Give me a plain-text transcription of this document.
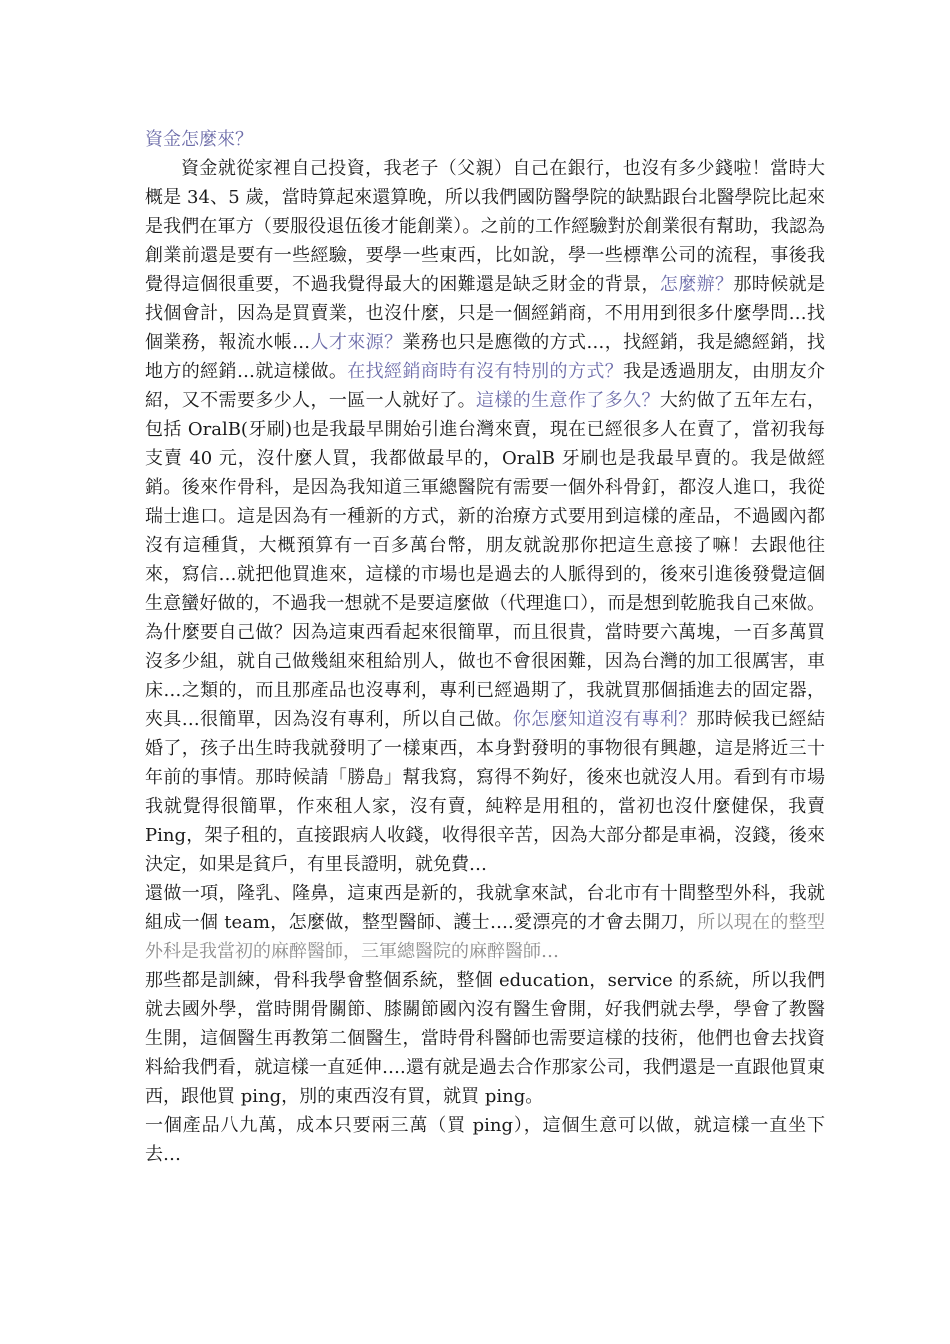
資金怎麼來？

資金就從家裡自己投資，我老子（父親）自己在銀行，也沒有多少錢啦！當時大概是 34、5 歲，當時算起來還算晚，所以我們國防醫學院的缺點跟台北醫學院比起來是我們在軍方（要服役退伍後才能創業）。之前的工作經驗對於創業很有幫助，我認為創業前還是要有一些經驗，要學一些東西，比如說，學一些標準公司的流程，事後我覺得這個很重要，不過我覺得最大的困難還是缺乏財金的背景，怎麼辦？那時候就是找個會計，因為是買賣業，也沒什麼，只是一個經銷商，不用用到很多什麼學問…找個業務，報流水帳…人才來源？業務也只是應徵的方式…，找經銷，我是總經銷，找地方的經銷…就這樣做。在找經銷商時有沒有特別的方式？我是透過朋友，由朋友介紹，又不需要多少人，一區一人就好了。這樣的生意作了多久？大約做了五年左右，包括 OralB(牙刷)也是我最早開始引進台灣來賣，現在已經很多人在賣了，當初我每支賣 40 元，沒什麼人買，我都做最早的，OralB 牙刷也是我最早賣的。我是做經銷。後來作骨科，是因為我知道三軍總醫院有需要一個外科骨釘，都沒人進口，我從瑞士進口。這是因為有一種新的方式，新的治療方式要用到這樣的產品，不過國內都沒有這種貨，大概預算有一百多萬台幣，朋友就說那你把這生意接了嘛！去跟他往來，寫信…就把他買進來，這樣的市場也是過去的人脈得到的，後來引進後發覺這個生意蠻好做的，不過我一想就不是要這麼做（代理進口），而是想到乾脆我自己來做。為什麼要自己做？因為這東西看起來很簡單，而且很貴，當時要六萬塊，一百多萬買沒多少組，就自己做幾組來租給別人，做也不會很困難，因為台灣的加工很厲害，車床…之類的，而且那產品也沒專利，專利已經過期了，我就買那個插進去的固定器，夾具…很簡單，因為沒有專利，所以自己做。你怎麼知道沒有專利？那時候我已經結婚了，孩子出生時我就發明了一樣東西，本身對發明的事物很有興趣，這是將近三十年前的事情。那時候請「勝島」幫我寫，寫得不夠好，後來也就沒人用。看到有市場我就覺得很簡單，作來租人家，沒有賣，純粹是用租的，當初也沒什麼健保，我賣 Ping，架子租的，直接跟病人收錢，收得很辛苦，因為大部分都是車禍，沒錢，後來決定，如果是貧戶，有里長證明，就免費…

還做一項，隆乳、隆鼻，這東西是新的，我就拿來試，台北市有十間整型外科，我就組成一個 team，怎麼做，整型醫師、護士….愛漂亮的才會去開刀，所以現在的整型外科是我當初的麻醉醫師，三軍總醫院的麻醉醫師…

那些都是訓練，骨科我學會整個系統，整個 education，service 的系統，所以我們就去國外學，當時開骨關節、膝關節國內沒有醫生會開，好我們就去學，學會了教醫生開，這個醫生再教第二個醫生，當時骨科醫師也需要這樣的技術，他們也會去找資料給我們看，就這樣一直延伸….還有就是過去合作那家公司，我們還是一直跟他買東西，跟他買 ping，別的東西沒有買，就買 ping。

一個產品八九萬，成本只要兩三萬（買 ping），這個生意可以做，就這樣一直坐下去…
